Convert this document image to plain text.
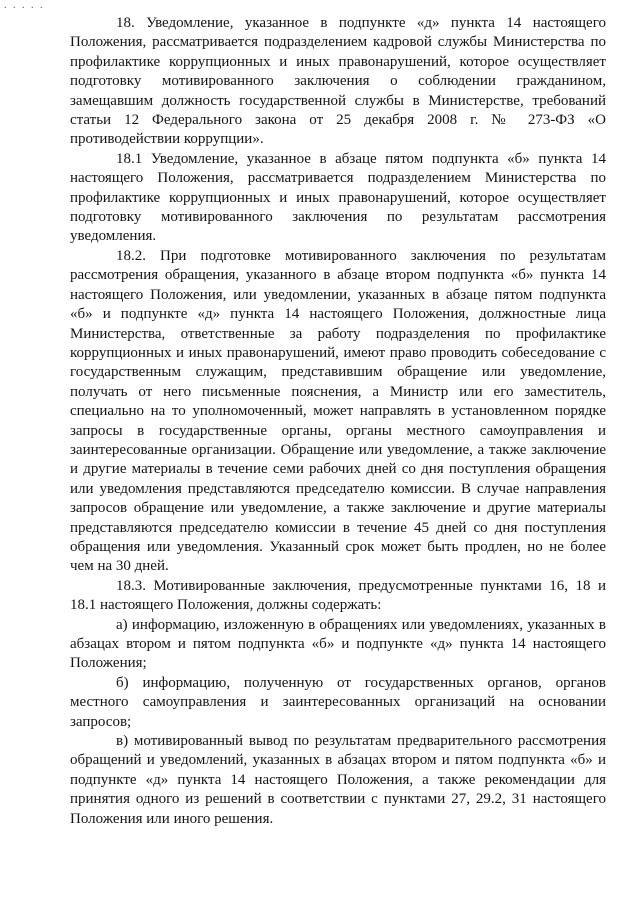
. . . . .

18. Уведомление, указанное в подпункте «д» пункта 14 настоящего Положения, рассматривается подразделением кадровой службы Министерства по профилактике коррупционных и иных правонарушений, которое осуществляет подготовку мотивированного заключения о соблюдении гражданином, замещавшим должность государственной службы в Министерстве, требований статьи 12 Федерального закона от 25 декабря 2008 г. № 273-ФЗ «О противодействии коррупции».

18.1 Уведомление, указанное в абзаце пятом подпункта «б» пункта 14 настоящего Положения, рассматривается подразделением Министерства по профилактике коррупционных и иных правонарушений, которое осуществляет подготовку мотивированного заключения по результатам рассмотрения уведомления.

18.2. При подготовке мотивированного заключения по результатам рассмотрения обращения, указанного в абзаце втором подпункта «б» пункта 14 настоящего Положения, или уведомлении, указанных в абзаце пятом подпункта «б» и подпункте «д» пункта 14 настоящего Положения, должностные лица Министерства, ответственные за работу подразделения по профилактике коррупционных и иных правонарушений, имеют право проводить собеседование с государственным служащим, представившим обращение или уведомление, получать от него письменные пояснения, а Министр или его заместитель, специально на то уполномоченный, может направлять в установленном порядке запросы в государственные органы, органы местного самоуправления и заинтересованные организации. Обращение или уведомление, а также заключение и другие материалы в течение семи рабочих дней со дня поступления обращения или уведомления представляются председателю комиссии. В случае направления запросов обращение или уведомление, а также заключение и другие материалы представляются председателю комиссии в течение 45 дней со дня поступления обращения или уведомления. Указанный срок может быть продлен, но не более чем на 30 дней.

18.3. Мотивированные заключения, предусмотренные пунктами 16, 18 и 18.1 настоящего Положения, должны содержать:

а) информацию, изложенную в обращениях или уведомлениях, указанных в абзацах втором и пятом подпункта «б» и подпункте «д» пункта 14 настоящего Положения;

б) информацию, полученную от государственных органов, органов местного самоуправления и заинтересованных организаций на основании запросов;

в) мотивированный вывод по результатам предварительного рассмотрения обращений и уведомлений, указанных в абзацах втором и пятом подпункта «б» и подпункте «д» пункта 14 настоящего Положения, а также рекомендации для принятия одного из решений в соответствии с пунктами 27, 29.2, 31 настоящего Положения или иного решения.
